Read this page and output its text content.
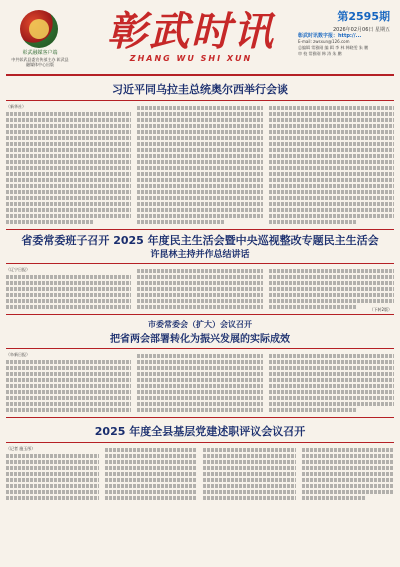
彰武融媒客户端
中共彰武县委宣传部主办 彰武县融媒体中心出版
彰武时讯
ZHANG WU SHI XUN
第2595期
2026年02月06日 星期五
彰武时讯数字报：http://...
E-mail: zwsxun@126.com
总编辑 常雅刚 编 辑 李 林 韩晓雯 朱 鹏
审 校 常雅刚 韩 涛 朱 鹏
习近平同乌拉圭总统奥尔西举行会谈
（新华社）
省委常委班子召开 2025 年度民主生活会暨中央巡视整改专题民主生活会
许昆林主持并作总结讲话
（辽宁日报）
（下转2版）
市委常委会（扩大）会议召开
把省两会部署转化为振兴发展的实际成效
（阜新日报）
2025 年度全县基层党建述职评议会议召开
（记者 施玉彤）
